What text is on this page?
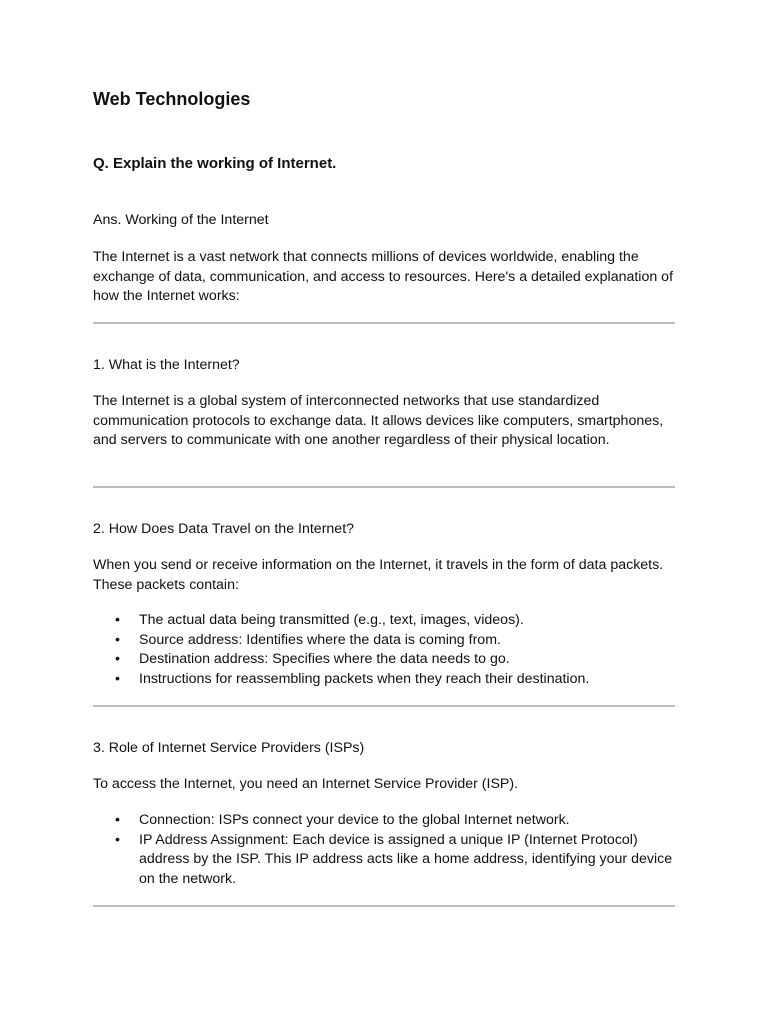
Web Technologies
Q. Explain the working of Internet.

Ans. Working of the Internet

The Internet is a vast network that connects millions of devices worldwide, enabling the exchange of data, communication, and access to resources. Here's a detailed explanation of how the Internet works:

1. What is the Internet?

The Internet is a global system of interconnected networks that use standardized communication protocols to exchange data. It allows devices like computers, smartphones, and servers to communicate with one another regardless of their physical location.

2. How Does Data Travel on the Internet?

When you send or receive information on the Internet, it travels in the form of data packets. These packets contain:

• The actual data being transmitted (e.g., text, images, videos).
• Source address: Identifies where the data is coming from.
• Destination address: Specifies where the data needs to go.
• Instructions for reassembling packets when they reach their destination.

3. Role of Internet Service Providers (ISPs)

To access the Internet, you need an Internet Service Provider (ISP).

• Connection: ISPs connect your device to the global Internet network.
• IP Address Assignment: Each device is assigned a unique IP (Internet Protocol) address by the ISP. This IP address acts like a home address, identifying your device on the network.
